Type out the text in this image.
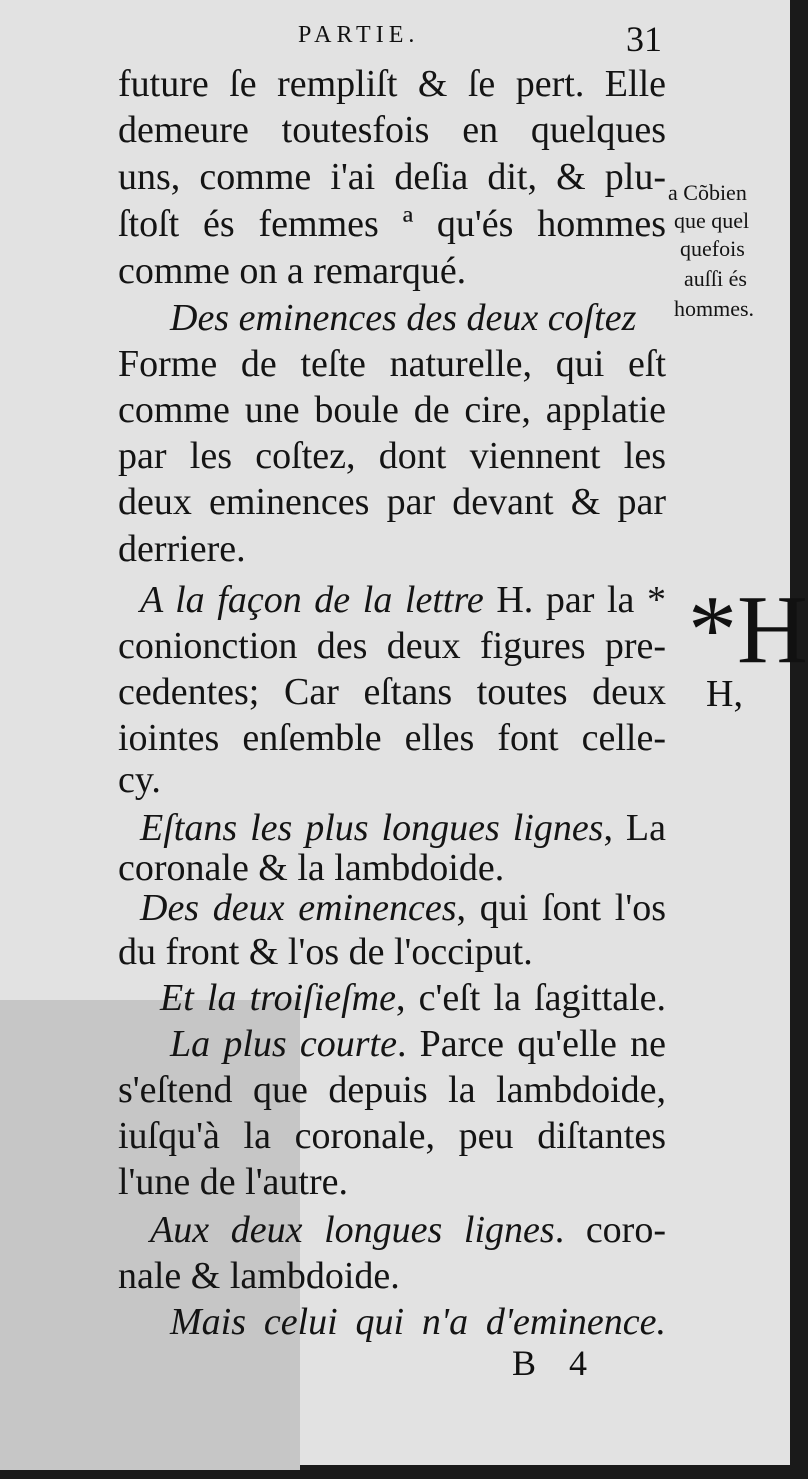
PARTIE.	31
future ſe rempliſt & ſe pert. Elle
demeure toutesfois en quelques
uns, comme i'ai deſia dit, & plu-
ſtoſt és femmes ª qu'és hommes
comme on a remarqué.
Des eminences des deux coſtez
Forme de teſte naturelle, qui eſt
comme une boule de cire, applatie
par les coſtez, dont viennent les
deux eminences par devant & par
derriere.
A la façon de la lettre H. par la *
conionction des deux figures pre-
cedentes; Car eſtans toutes deux
iointes enſemble elles font celle-
cy.
Eſtans les plus longues lignes, La
coronale & la lambdoide.
Des deux eminences, qui ſont l'os
du front & l'os de l'occiput.
Et la troiſieſme, c'eſt la ſagittale.
La plus courte. Parce qu'elle ne
s'eſtend que depuis la lambdoide,
iuſqu'à la coronale, peu diſtantes
l'une de l'autre.
Aux deux longues lignes. coro-
nale & lambdoide.
Mais celui qui n'a d'eminence.
a Cõbien
que quel
quefois
auſſi és
hommes.
*H
H,
B 4
